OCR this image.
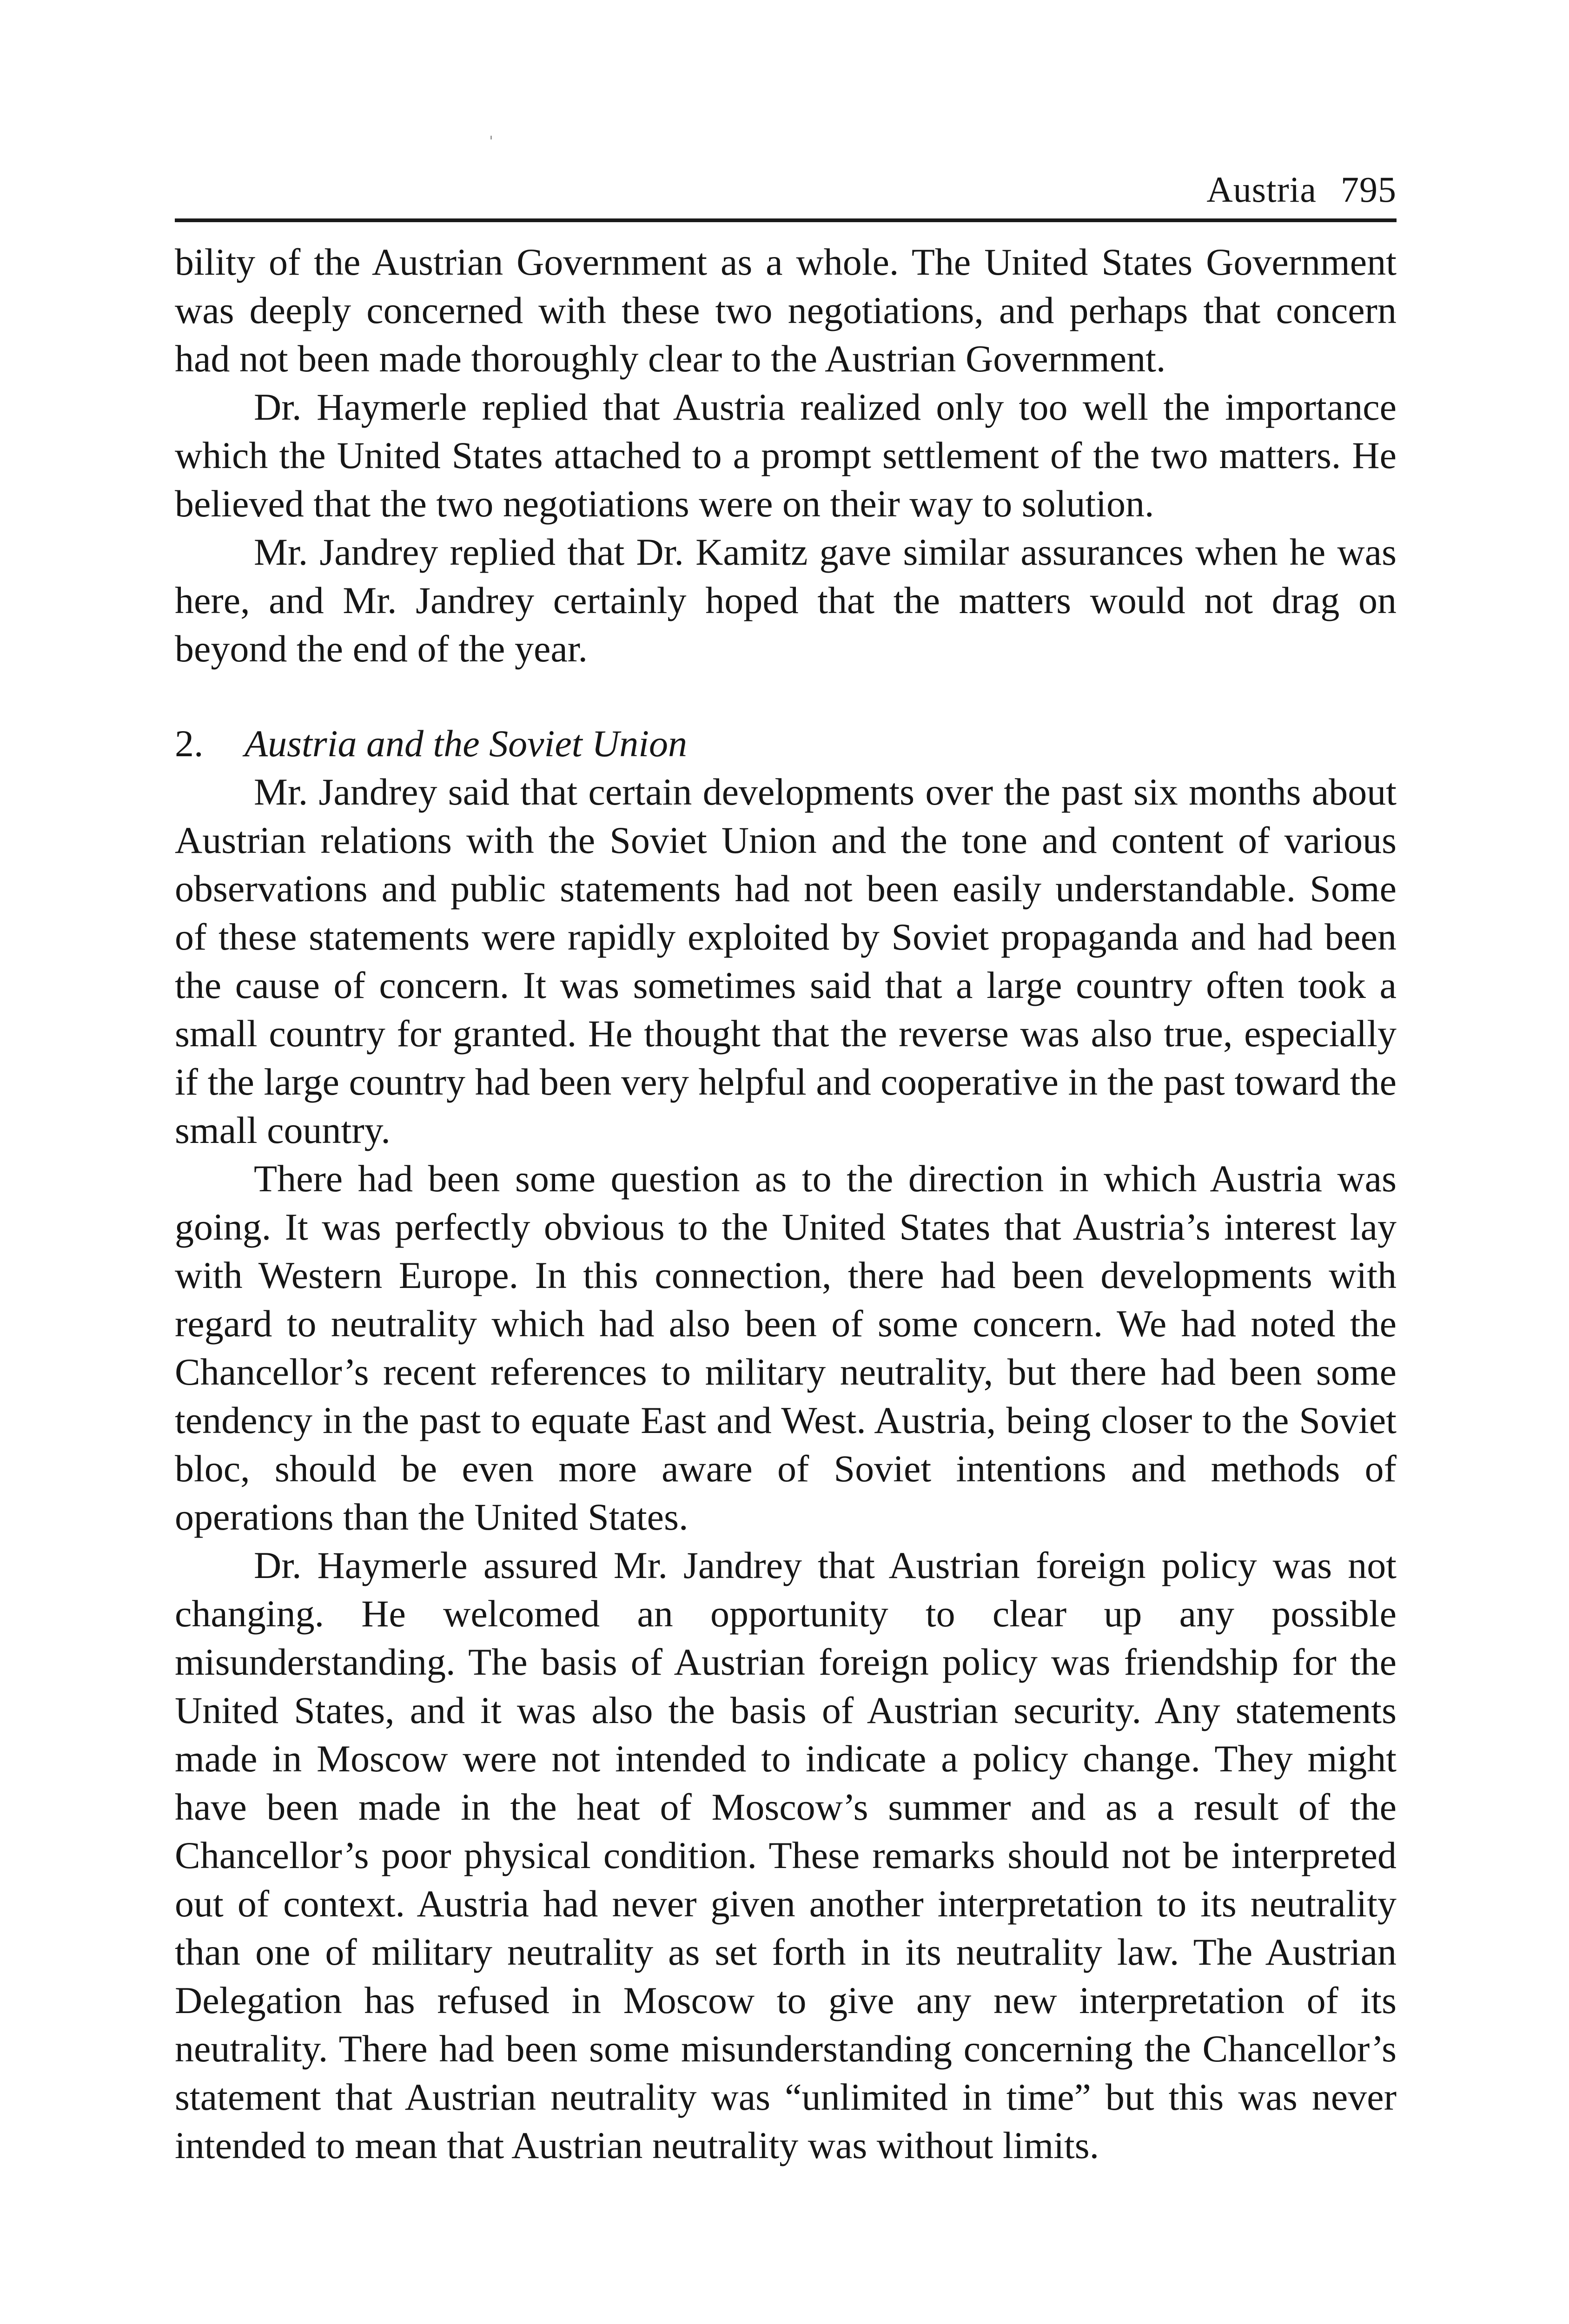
Austria 795

bility of the Austrian Government as a whole. The United States Government was deeply concerned with these two negotiations, and perhaps that concern had not been made thoroughly clear to the Austrian Government.

Dr. Haymerle replied that Austria realized only too well the importance which the United States attached to a prompt settlement of the two matters. He believed that the two negotiations were on their way to solution.

Mr. Jandrey replied that Dr. Kamitz gave similar assurances when he was here, and Mr. Jandrey certainly hoped that the matters would not drag on beyond the end of the year.

2. Austria and the Soviet Union

Mr. Jandrey said that certain developments over the past six months about Austrian relations with the Soviet Union and the tone and content of various observations and public statements had not been easily understandable. Some of these statements were rapidly exploited by Soviet propaganda and had been the cause of concern. It was sometimes said that a large country often took a small country for granted. He thought that the reverse was also true, especially if the large country had been very helpful and cooperative in the past toward the small country.

There had been some question as to the direction in which Austria was going. It was perfectly obvious to the United States that Austria’s interest lay with Western Europe. In this connection, there had been developments with regard to neutrality which had also been of some concern. We had noted the Chancellor’s recent references to military neutrality, but there had been some tendency in the past to equate East and West. Austria, being closer to the Soviet bloc, should be even more aware of Soviet intentions and methods of operations than the United States.

Dr. Haymerle assured Mr. Jandrey that Austrian foreign policy was not changing. He welcomed an opportunity to clear up any possible misunderstanding. The basis of Austrian foreign policy was friendship for the United States, and it was also the basis of Austrian security. Any statements made in Moscow were not intended to indicate a policy change. They might have been made in the heat of Moscow’s summer and as a result of the Chancellor’s poor physical condition. These remarks should not be interpreted out of context. Austria had never given another interpretation to its neutrality than one of military neutrality as set forth in its neutrality law. The Austrian Delegation has refused in Moscow to give any new interpretation of its neutrality. There had been some misunderstanding concerning the Chancellor’s statement that Austrian neutrality was “unlimited in time” but this was never intended to mean that Austrian neutrality was without limits.
